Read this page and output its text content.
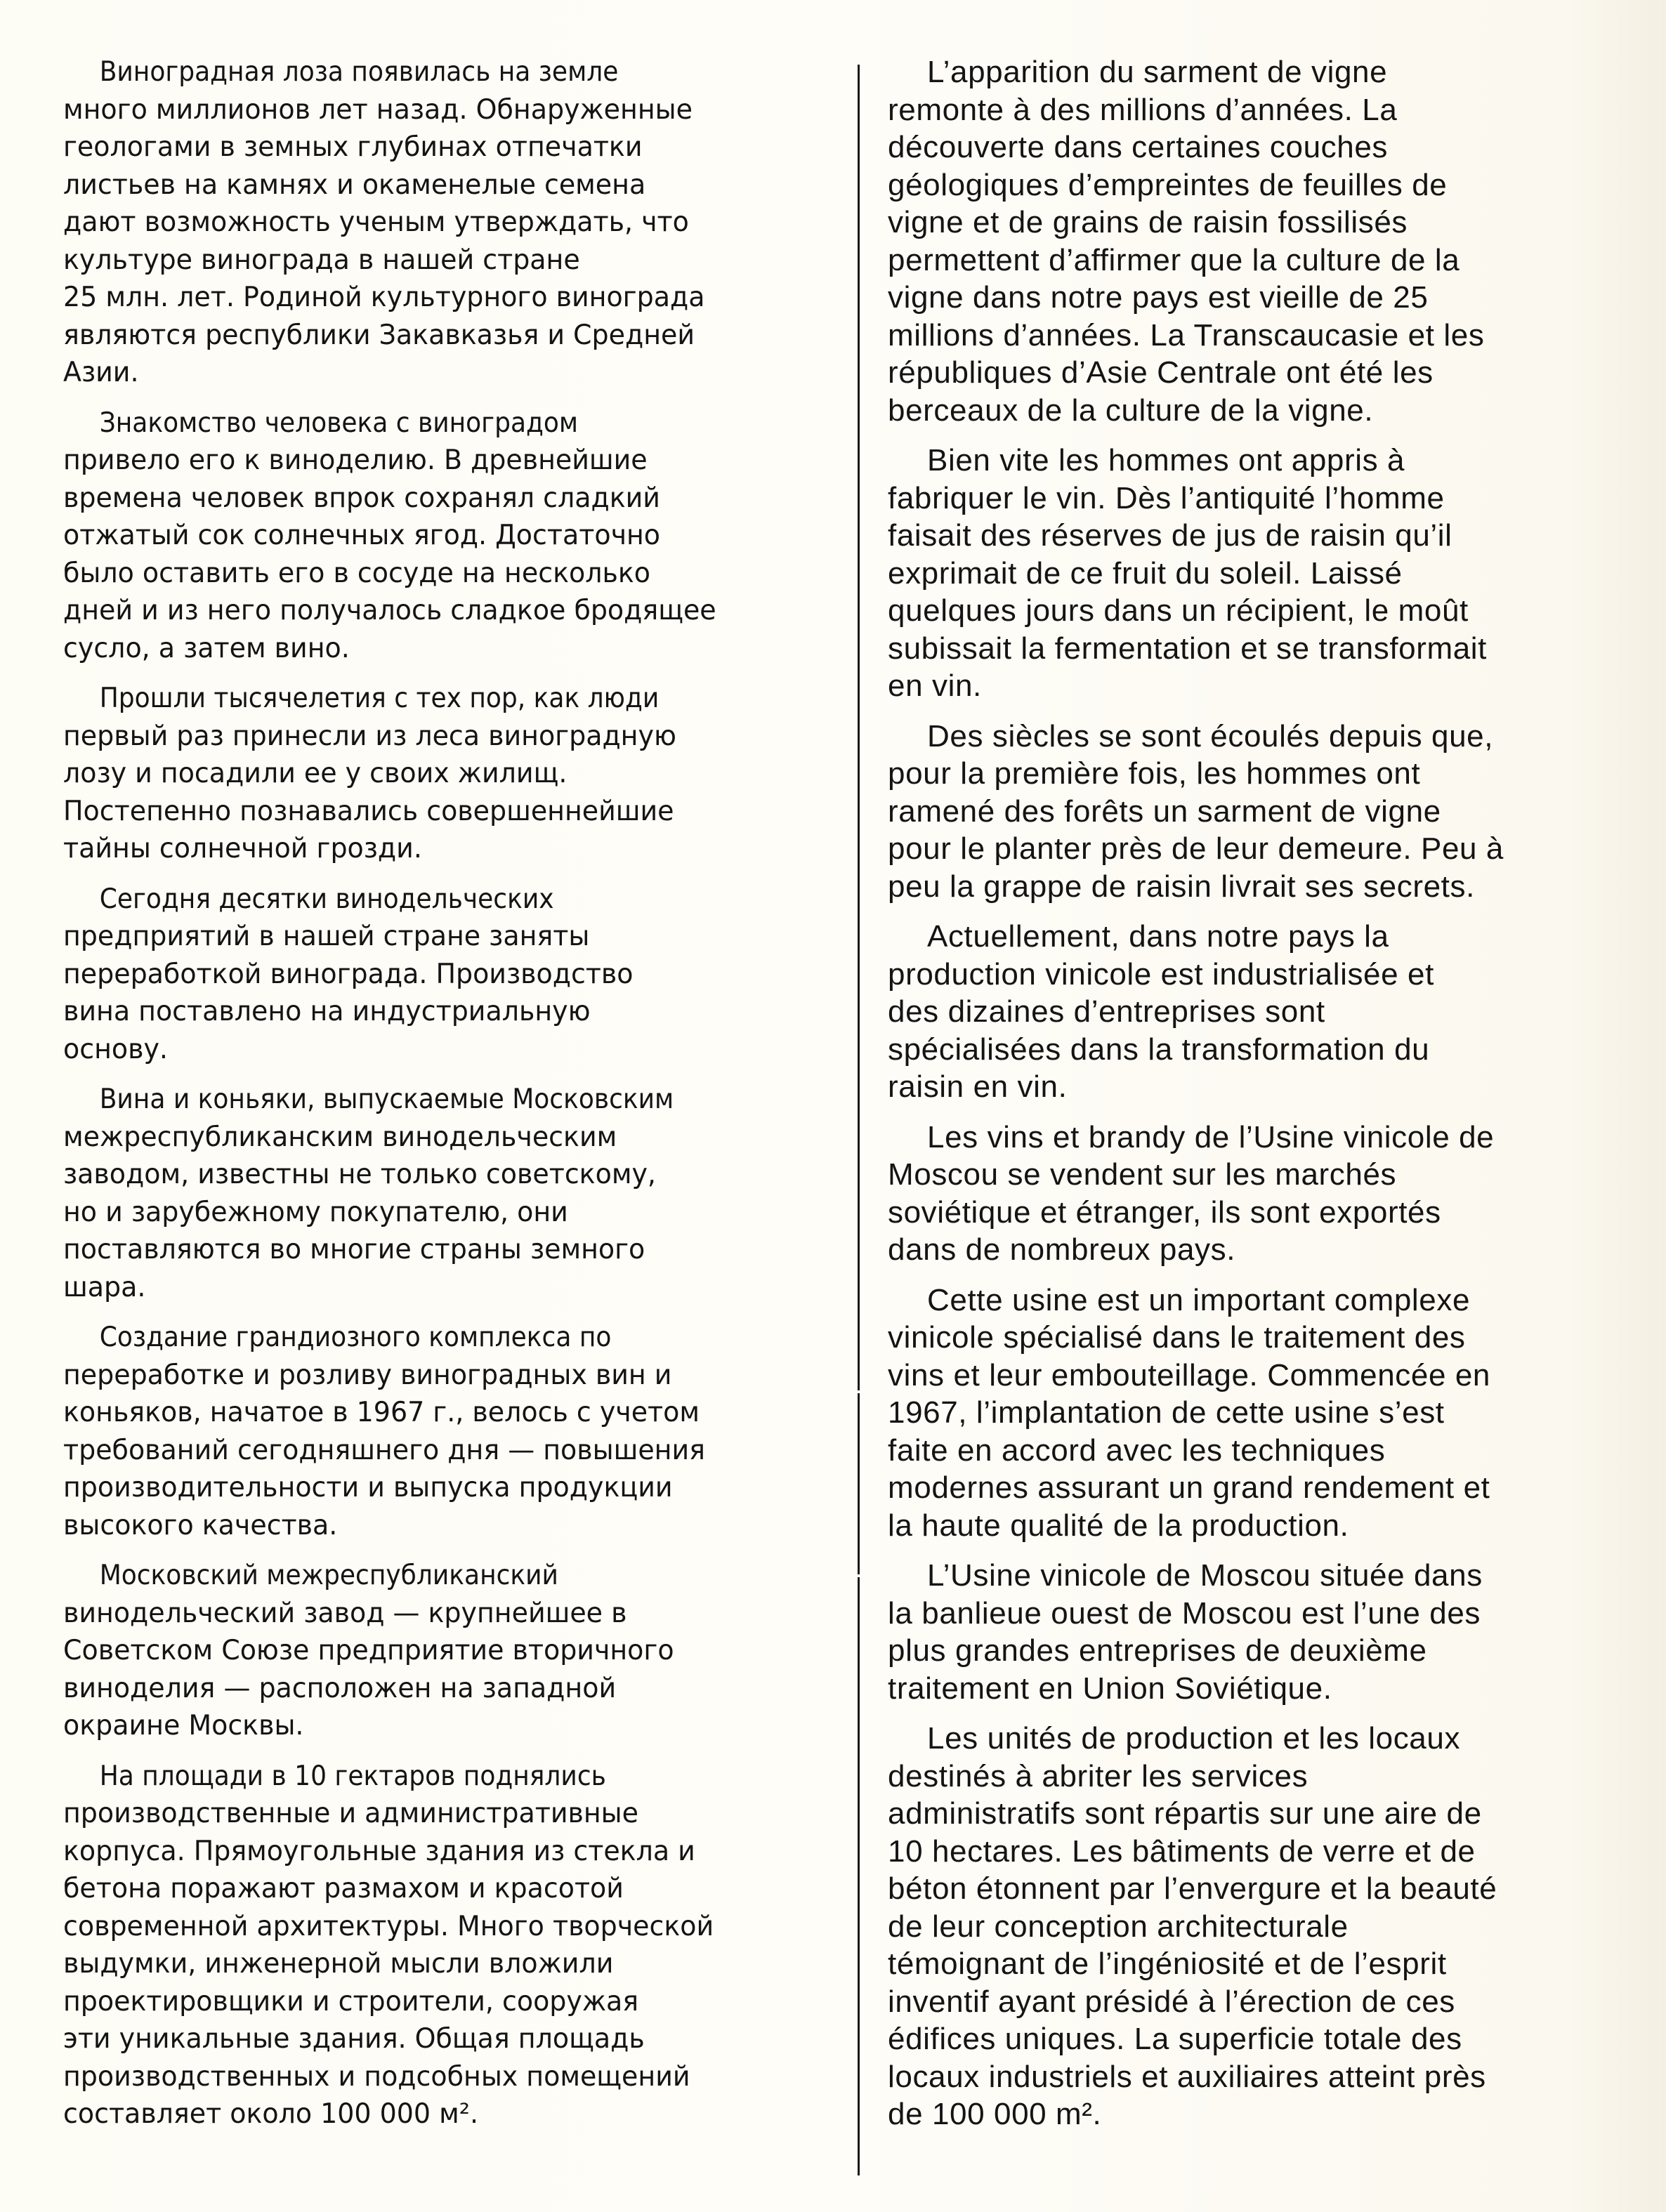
Виноградная лоза появилась на земле
много миллионов лет назад. Обнаруженные
геологами в земных глубинах отпечатки
листьев на камнях и окаменелые семена
дают возможность ученым утверждать, что
культуре винограда в нашей стране
25 млн. лет. Родиной культурного винограда
являются республики Закавказья и Средней
Азии.
Знакомство человека с виноградом
привело его к виноделию. В древнейшие
времена человек впрок сохранял сладкий
отжатый сок солнечных ягод. Достаточно
было оставить его в сосуде на несколько
дней и из него получалось сладкое бродящее
сусло, а затем вино.
Прошли тысячелетия с тех пор, как люди
первый раз принесли из леса виноградную
лозу и посадили ее у своих жилищ.
Постепенно познавались совершеннейшие
тайны солнечной грозди.
Сегодня десятки винодельческих
предприятий в нашей стране заняты
переработкой винограда. Производство
вина поставлено на индустриальную
основу.
Вина и коньяки, выпускаемые Московским
межреспубликанским винодельческим
заводом, известны не только советскому,
но и зарубежному покупателю, они
поставляются во многие страны земного
шара.
Создание грандиозного комплекса по
переработке и розливу виноградных вин и
коньяков, начатое в 1967 г., велось с учетом
требований сегодняшнего дня — повышения
производительности и выпуска продукции
высокого качества.
Московский межреспубликанский
винодельческий завод — крупнейшее в
Советском Союзе предприятие вторичного
виноделия — расположен на западной
окраине Москвы.
На площади в 10 гектаров поднялись
производственные и административные
корпуса. Прямоугольные здания из стекла и
бетона поражают размахом и красотой
современной архитектуры. Много творческой
выдумки, инженерной мысли вложили
проектировщики и строители, сооружая
эти уникальные здания. Общая площадь
производственных и подсобных помещений
составляет около 100 000 м².
L’apparition du sarment de vigne
remonte à des millions d’années. La
découverte dans certaines couches
géologiques d’empreintes de feuilles de
vigne et de grains de raisin fossilisés
permettent d’affirmer que la culture de la
vigne dans notre pays est vieille de 25
millions d’années. La Transcaucasie et les
républiques d’Asie Centrale ont été les
berceaux de la culture de la vigne.
Bien vite les hommes ont appris à
fabriquer le vin. Dès l’antiquité l’homme
faisait des réserves de jus de raisin qu’il
exprimait de ce fruit du soleil. Laissé
quelques jours dans un récipient, le moût
subissait la fermentation et se transformait
en vin.
Des siècles se sont écoulés depuis que,
pour la première fois, les hommes ont
ramené des forêts un sarment de vigne
pour le planter près de leur demeure. Peu à
peu la grappe de raisin livrait ses secrets.
Actuellement, dans notre pays la
production vinicole est industrialisée et
des dizaines d’entreprises sont
spécialisées dans la transformation du
raisin en vin.
Les vins et brandy de l’Usine vinicole de
Moscou se vendent sur les marchés
soviétique et étranger, ils sont exportés
dans de nombreux pays.
Cette usine est un important complexe
vinicole spécialisé dans le traitement des
vins et leur embouteillage. Commencée en
1967, l’implantation de cette usine s’est
faite en accord avec les techniques
modernes assurant un grand rendement et
la haute qualité de la production.
L’Usine vinicole de Moscou située dans
la banlieue ouest de Moscou est l’une des
plus grandes entreprises de deuxième
traitement en Union Soviétique.
Les unités de production et les locaux
destinés à abriter les services
administratifs sont répartis sur une aire de
10 hectares. Les bâtiments de verre et de
béton étonnent par l’envergure et la beauté
de leur conception architecturale
témoignant de l’ingéniosité et de l’esprit
inventif ayant présidé à l’érection de ces
édifices uniques. La superficie totale des
locaux industriels et auxiliaires atteint près
de 100 000 m².
